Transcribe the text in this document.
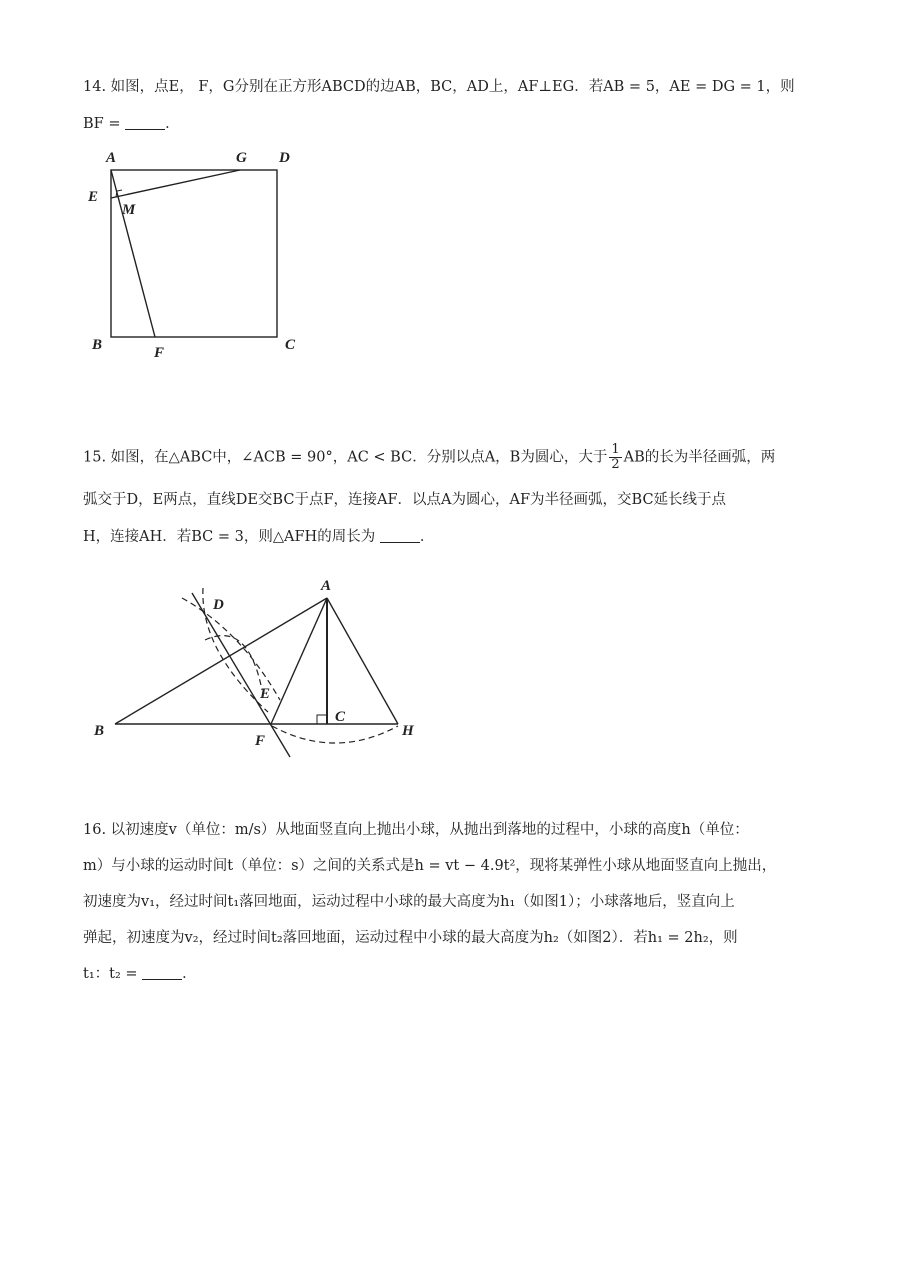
14. 如图，点E， F，G分别在正方形ABCD的边AB，BC，AD上，AF⊥EG．若AB = 5，AE = DG = 1，则
BF =	．
A	G D
E
M
B	F	C
15. 如图，在△ABC中，∠ACB = 90°，AC < BC．分别以点A，B为圆心，大于 $\frac{1}{2}$ AB的长为半径画弧，两
弧交于D，E两点，直线DE交BC于点F，连接AF．以点A为圆心，AF为半径画弧，交BC延长线于点
H，连接AH．若BC = 3，则△AFH的周长为	．
A
D
E
B
F
C
H
16. 以初速度v（单位：m/s）从地面竖直向上抛出小球，从抛出到落地的过程中，小球的高度h（单位：
m）与小球的运动时间t（单位：s）之间的关系式是h = vt − 4.9t²，现将某弹性小球从地面竖直向上抛出，
初速度为v₁，经过时间t₁落回地面，运动过程中小球的最大高度为h₁（如图1）；小球落地后，竖直向上
弹起，初速度为v₂，经过时间t₂落回地面，运动过程中小球的最大高度为h₂（如图2）．若h₁ = 2h₂，则
t₁：t₂ =	．
